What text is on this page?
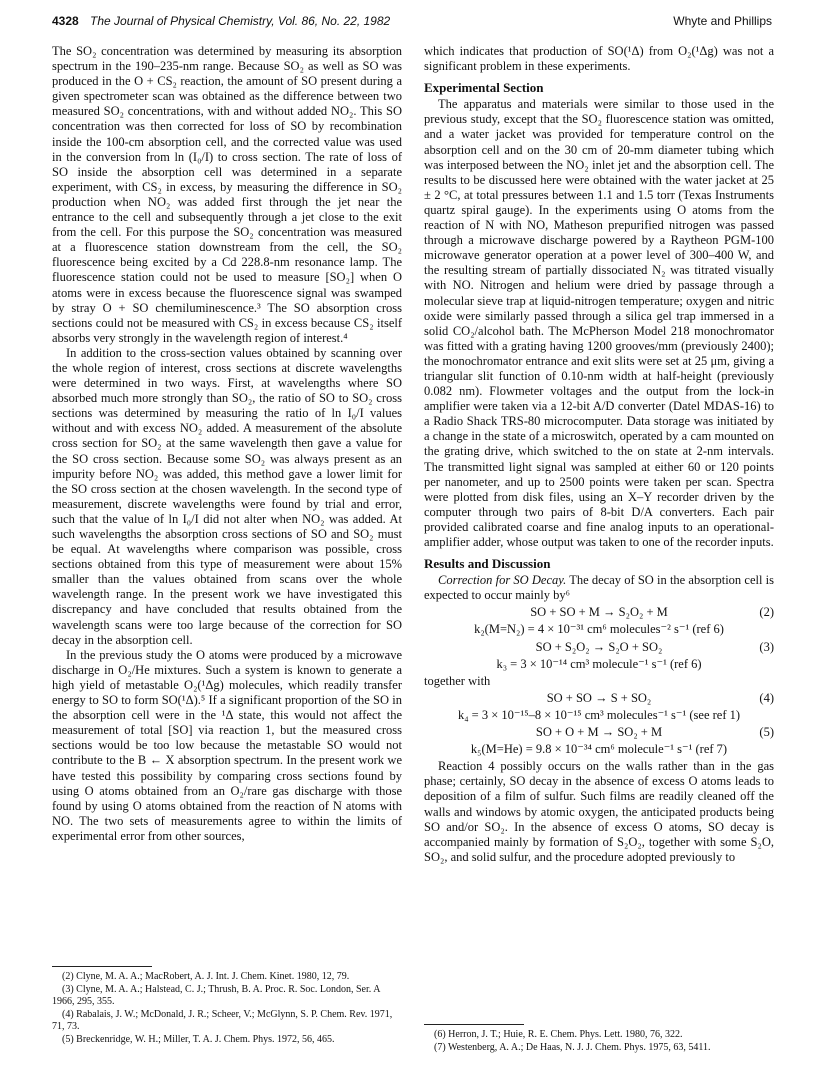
4328 The Journal of Physical Chemistry, Vol. 86, No. 22, 1982	Whyte and Phillips

The SO₂ concentration was determined by measuring its absorption spectrum in the 190–235-nm range. Because SO₂ as well as SO was produced in the O + CS₂ reaction, the amount of SO present during a given spectrometer scan was obtained as the difference between two measured SO₂ concentrations, with and without added NO₂. This SO concentration was then corrected for loss of SO by recombination inside the 100-cm absorption cell, and the corrected value was used in the conversion from ln (I₀/I) to cross section. The rate of loss of SO inside the absorption cell was determined in a separate experiment, with CS₂ in excess, by measuring the difference in SO₂ production when NO₂ was added first through the jet near the entrance to the cell and subsequently through a jet close to the exit from the cell. For this purpose the SO₂ concentration was measured at a fluorescence station downstream from the cell, the SO₂ fluorescence being excited by a Cd 228.8-nm resonance lamp. The fluorescence station could not be used to measure [SO₂] when O atoms were in excess because the fluorescence signal was swamped by stray O + SO chemiluminescence.³ The SO absorption cross sections could not be measured with CS₂ in excess because CS₂ itself absorbs very strongly in the wavelength region of interest.⁴

In addition to the cross-section values obtained by scanning over the whole region of interest, cross sections at discrete wavelengths were determined in two ways. First, at wavelengths where SO absorbed much more strongly than SO₂, the ratio of SO to SO₂ cross sections was determined by measuring the ratio of ln I₀/I values without and with excess NO₂ added. A measurement of the absolute cross section for SO₂ at the same wavelength then gave a value for the SO cross section. Because some SO₂ was always present as an impurity before NO₂ was added, this method gave a lower limit for the SO cross section at the chosen wavelength. In the second type of measurement, discrete wavelengths were found by trial and error, such that the value of ln I₀/I did not alter when NO₂ was added. At such wavelengths the absorption cross sections of SO and SO₂ must be equal. At wavelengths where comparison was possible, cross sections obtained from this type of measurement were about 15% smaller than the values obtained from scans over the whole wavelength range. In the present work we have investigated this discrepancy and have concluded that results obtained from the wavelength scans were too large because of the correction for SO decay in the absorption cell.

In the previous study the O atoms were produced by a microwave discharge in O₂/He mixtures. Such a system is known to generate a high yield of metastable O₂(¹Δg) molecules, which readily transfer energy to SO to form SO(¹Δ).⁵ If a significant proportion of the SO in the absorption cell were in the ¹Δ state, this would not affect the measurement of total [SO] via reaction 1, but the measured cross sections would be too low because the metastable SO would not contribute to the B ← X absorption spectrum. In the present work we have tested this possibility by comparing cross sections found by using O atoms obtained from an O₂/rare gas discharge with those found by using O atoms obtained from the reaction of N atoms with NO. The two sets of measurements agree to within the limits of experimental error from other sources,

(2) Clyne, M. A. A.; MacRobert, A. J. Int. J. Chem. Kinet. 1980, 12, 79.

(3) Clyne, M. A. A.; Halstead, C. J.; Thrush, B. A. Proc. R. Soc. London, Ser. A 1966, 295, 355.

(4) Rabalais, J. W.; McDonald, J. R.; Scheer, V.; McGlynn, S. P. Chem. Rev. 1971, 71, 73.

(5) Breckenridge, W. H.; Miller, T. A. J. Chem. Phys. 1972, 56, 465.

which indicates that production of SO(¹Δ) from O₂(¹Δg) was not a significant problem in these experiments.

Experimental Section

The apparatus and materials were similar to those used in the previous study, except that the SO₂ fluorescence station was omitted, and a water jacket was provided for temperature control on the absorption cell and on the 30 cm of 20-mm diameter tubing which was interposed between the NO₂ inlet jet and the absorption cell. The results to be discussed here were obtained with the water jacket at 25 ± 2 °C, at total pressures between 1.1 and 1.5 torr (Texas Instruments quartz spiral gauge). In the experiments using O atoms from the reaction of N with NO, Matheson prepurified nitrogen was passed through a microwave discharge powered by a Raytheon PGM-100 microwave generator operation at a power level of 300–400 W, and the resulting stream of partially dissociated N₂ was titrated visually with NO. Nitrogen and helium were dried by passage through a molecular sieve trap at liquid-nitrogen temperature; oxygen and nitric oxide were similarly passed through a silica gel trap immersed in a solid CO₂/alcohol bath. The McPherson Model 218 monochromator was fitted with a grating having 1200 grooves/mm (previously 2400); the monochromator entrance and exit slits were set at 25 μm, giving a triangular slit function of 0.10-nm width at half-height (previously 0.082 nm). Flowmeter voltages and the output from the lock-in amplifier were taken via a 12-bit A/D converter (Datel MDAS-16) to a Radio Shack TRS-80 microcomputer. Data storage was initiated by a change in the state of a microswitch, operated by a cam mounted on the grating drive, which switched to the on state at 2-nm intervals. The transmitted light signal was sampled at either 60 or 120 points per nanometer, and up to 2500 points were taken per scan. Spectra were plotted from disk files, using an X–Y recorder driven by the computer through two pairs of 8-bit D/A converters. Each pair provided calibrated coarse and fine analog inputs to an operational-amplifier adder, whose output was taken to one of the recorder inputs.

Results and Discussion

Correction for SO Decay. The decay of SO in the absorption cell is expected to occur mainly by⁶

SO + SO + M → S₂O₂ + M	(2)
k₂(M=N₂) = 4 × 10⁻³¹ cm⁶ molecules⁻² s⁻¹ (ref 6)
SO + S₂O₂ → S₂O + SO₂	(3)
k₃ = 3 × 10⁻¹⁴ cm³ molecule⁻¹ s⁻¹ (ref 6)
together with
SO + SO → S + SO₂	(4)
k₄ = 3 × 10⁻¹⁵–8 × 10⁻¹⁵ cm³ molecules⁻¹ s⁻¹ (see ref 1)
SO + O + M → SO₂ + M	(5)
k₅(M=He) = 9.8 × 10⁻³⁴ cm⁶ molecule⁻¹ s⁻¹ (ref 7)

Reaction 4 possibly occurs on the walls rather than in the gas phase; certainly, SO decay in the absence of excess O atoms leads to deposition of a film of sulfur. Such films are readily cleaned off the walls and windows by atomic oxygen, the anticipated products being SO and/or SO₂. In the absence of excess O atoms, SO decay is accompanied mainly by formation of S₂O₂, together with some S₂O, SO₂, and solid sulfur, and the procedure adopted previously to

(6) Herron, J. T.; Huie, R. E. Chem. Phys. Lett. 1980, 76, 322.

(7) Westenberg, A. A.; De Haas, N. J. J. Chem. Phys. 1975, 63, 5411.
